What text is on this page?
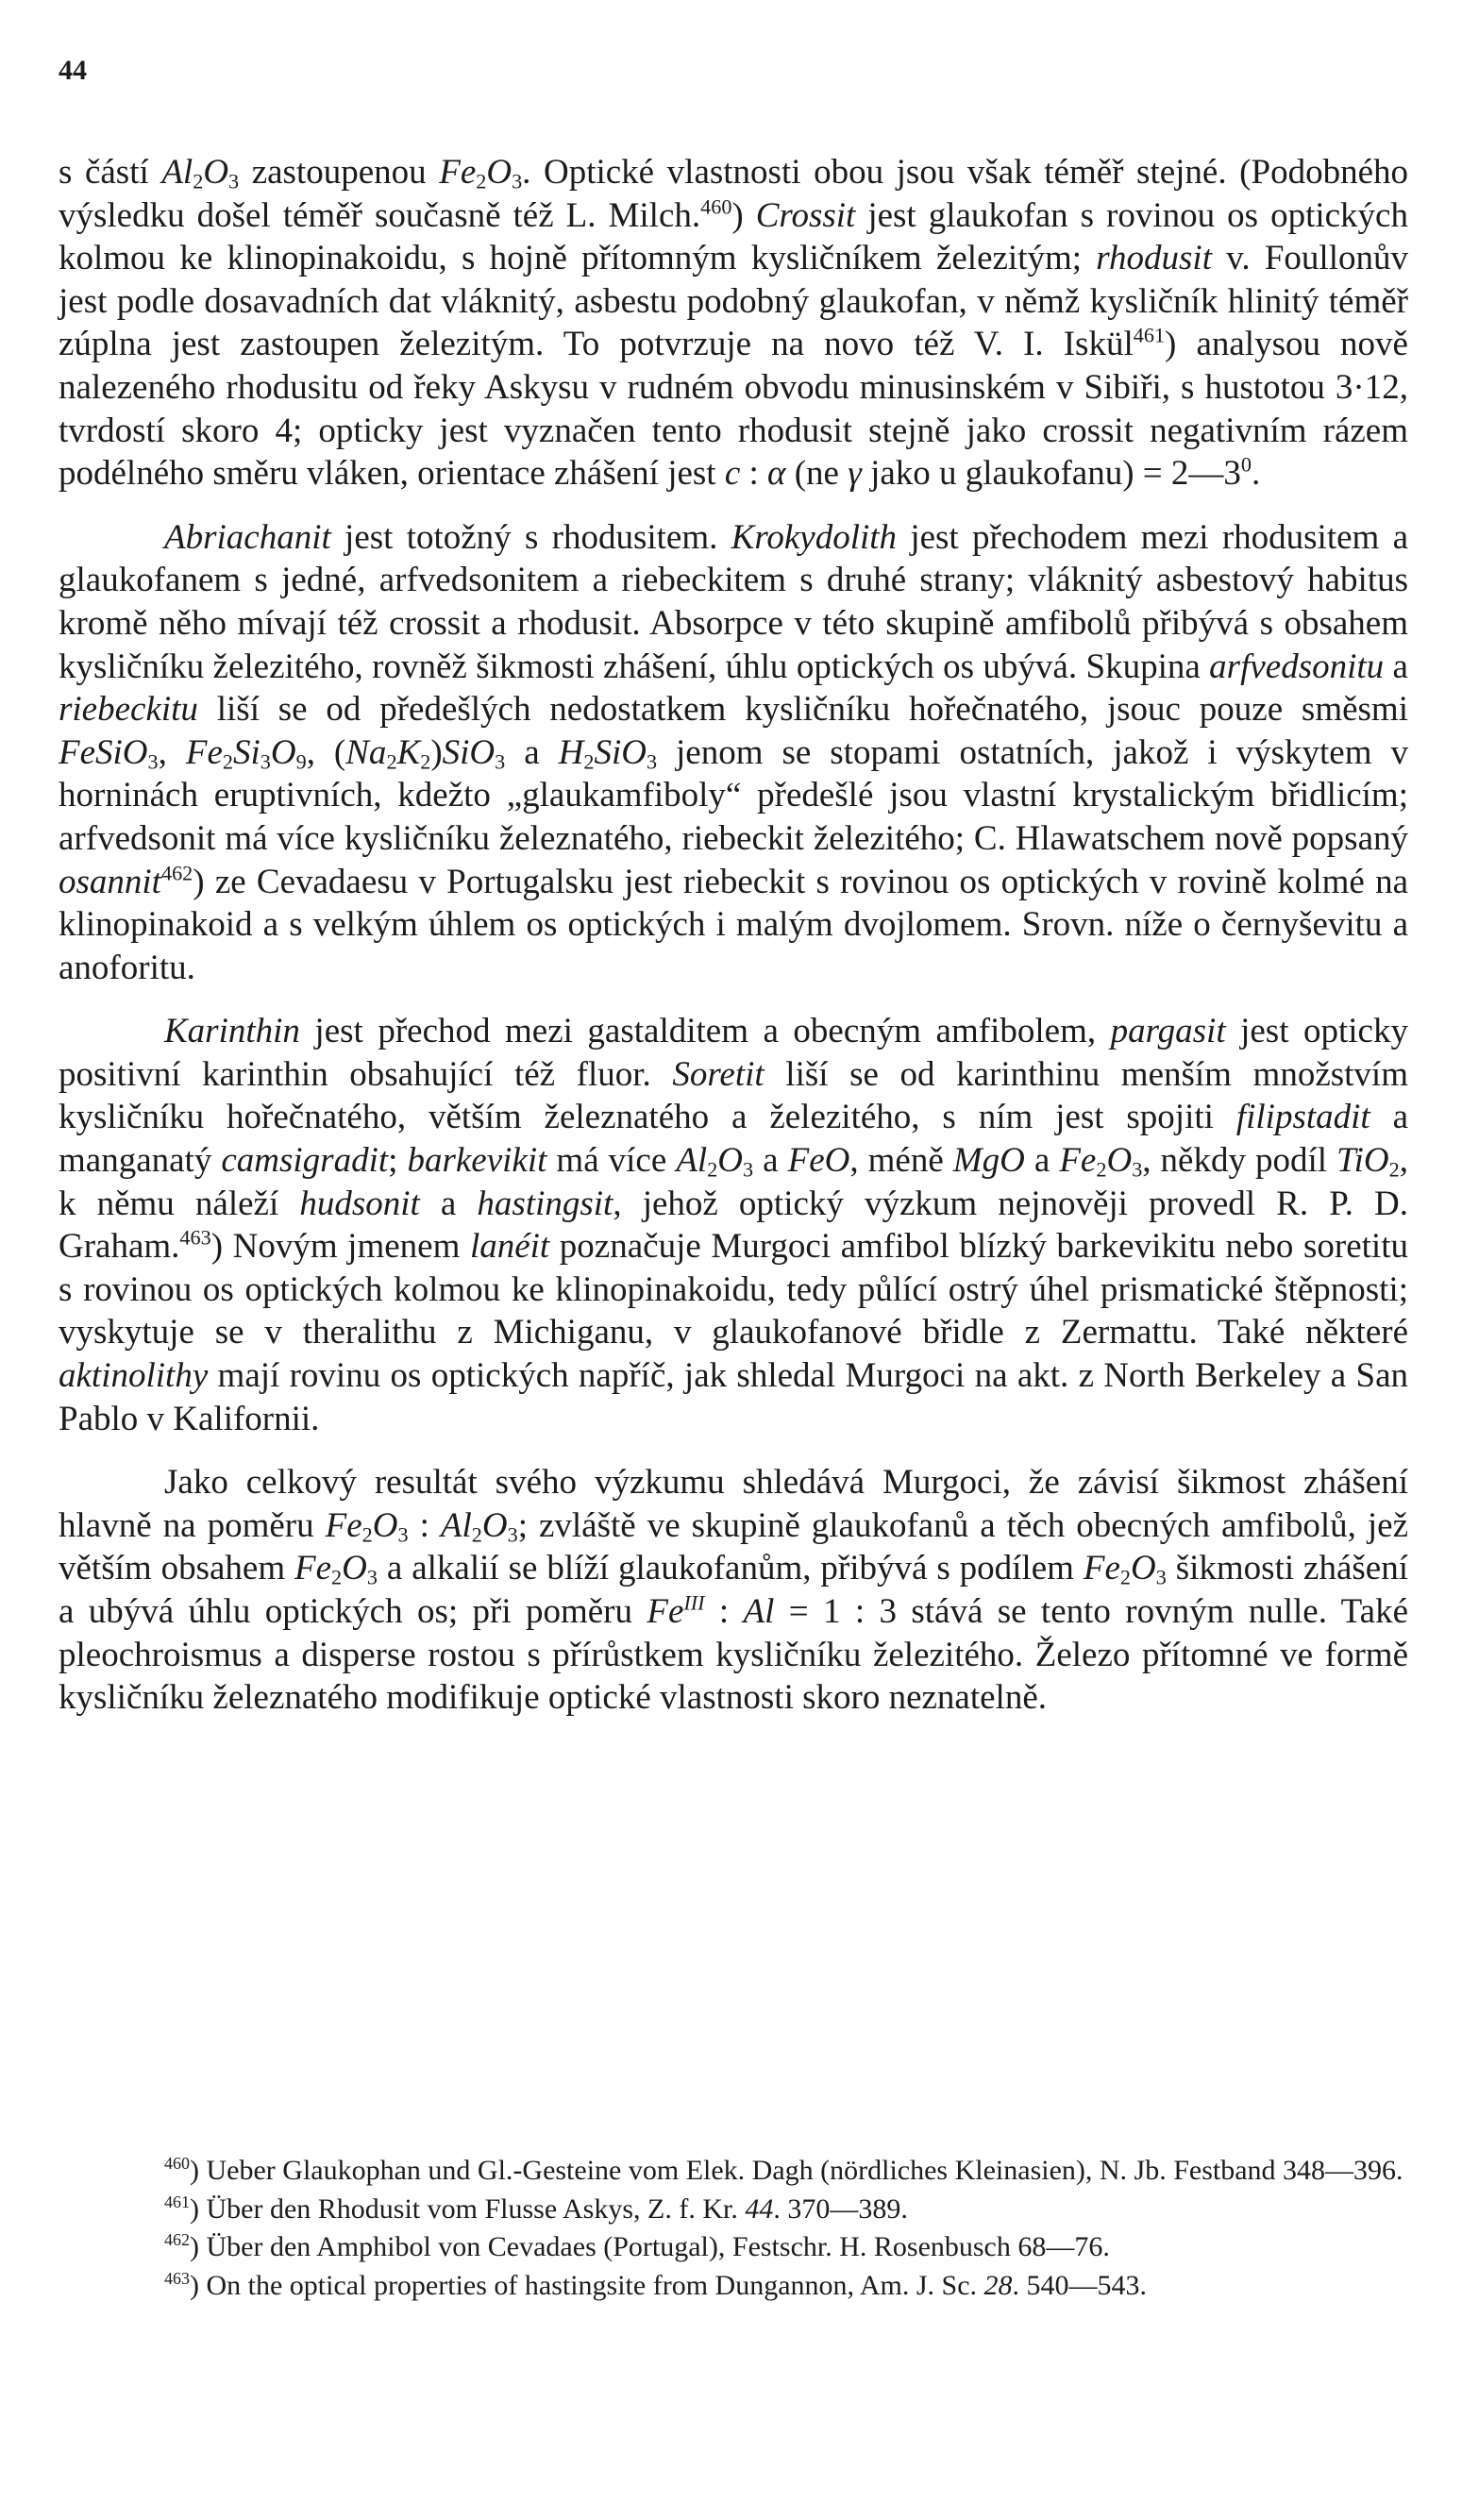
44

s částí $Al_2O_3$ zastoupenou $Fe_2O_3$. Optické vlastnosti obou jsou však téměř stejné. (Podobného výsledku došel téměř současně též L. Milch.$^{460}$) Crossit jest glaukofan s rovinou os optických kolmou ke klinopinakoidu, s hojně přítomným kysličníkem železitým; rhodusit v. Foullonův jest podle dosavadních dat vláknitý, asbestu podobný glaukofan, v němž kysličník hlinitý téměř zúplna jest zastoupen železitým. To potvrzuje na novo též V. I. Iskül$^{461}$) analysou nově nalezeného rhodusitu od řeky Askysu v rudném obvodu minusinském v Sibiři, s hustotou 3·12, tvrdostí skoro 4; opticky jest vyznačen tento rhodusit stejně jako crossit negativním rázem podélného směru vláken, orientace zhášení jest c : α (ne γ jako u glaukofanu) = $2—3^0$.

Abriachanit jest totožný s rhodusitem. Krokydolith jest přechodem mezi rhodusitem a glaukofanem s jedné, arfvedsonitem a riebeckitem s druhé strany; vláknitý asbestový habitus kromě něho mívají též crossit a rhodusit. Absorpce v této skupině amfibolů přibývá s obsahem kysličníku železitého, rovněž šikmosti zhášení, úhlu optických os ubývá. Skupina arfvedsonitu a riebeckitu liší se od předešlých nedostatkem kysličníku hořečnatého, jsouc pouze směsmi FeSiO$_3$, $Fe_2Si_3O_9$, $(Na_2K_2)SiO_3$ a $H_2SiO_3$ jenom se stopami ostatních, jakož i výskytem v horninách eruptivních, kdežto „glaukamfiboly“ předešlé jsou vlastní krystalickým břidlicím; arfvedsonit má více kysličníku železnatého, riebeckit železitého; C. Hlawatschem nově popsaný osannit$^{462}$) ze Cevadaesu v Portugalsku jest riebeckit s rovinou os optických v rovině kolmé na klinopinakoid a s velkým úhlem os optických i malým dvojlomem. Srovn. níže o černyševitu a anoforitu.

Karinthin jest přechod mezi gastalditem a obecným amfibolem, pargasit jest opticky positivní karinthin obsahující též fluor. Soretit liší se od karinthinu menším množstvím kysličníku hořečnatého, větším železnatého a železitého, s ním jest spojiti filipstadit a manganatý camsigradit; barkevikit má více $Al_2O_3$ a FeO, méně MgO a $Fe_2O_3$, někdy podíl TiO$_2$, k němu náleží hudsonit a hastingsit, jehož optický výzkum nejnověji provedl R. P. D. Graham.$^{463}$) Novým jmenem lanéit poznačuje Murgoci amfibol blízký barkevikitu nebo soretitu s rovinou os optických kolmou ke klinopinakoidu, tedy půlící ostrý úhel prismatické štěpnosti; vyskytuje se v theralithu z Michiganu, v glaukofanové břidle z Zermattu. Také některé aktinolithy mají rovinu os optických napříč, jak shledal Murgoci na akt. z North Berkeley a San Pablo v Kalifornii.

Jako celkový resultát svého výzkumu shledává Murgoci, že závisí šikmost zhášení hlavně na poměru $Fe_2O_3$ : $Al_2O_3$; zvláště ve skupině glaukofanů a těch obecných amfibolů, jež větším obsahem $Fe_2O_3$ a alkalií se blíží glaukofanům, přibývá s podílem $Fe_2O_3$ šikmosti zhášení a ubývá úhlu optických os; při poměru $Fe^{III}$ : Al = 1 : 3 stává se tento rovným nulle. Také pleochroismus a disperse rostou s přírůstkem kysličníku železitého. Železo přítomné ve formě kysličníku železnatého modifikuje optické vlastnosti skoro neznatelně.

$^{460}$) Ueber Glaukophan und Gl.-Gesteine vom Elek. Dagh (nördliches Kleinasien), N. Jb. Festband 348—396.

$^{461}$) Über den Rhodusit vom Flusse Askys, Z. f. Kr. 44. 370—389.

$^{462}$) Über den Amphibol von Cevadaes (Portugal), Festschr. H. Rosenbusch 68—76.

$^{463}$) On the optical properties of hastingsite from Dungannon, Am. J. Sc. 28. 540—543.
